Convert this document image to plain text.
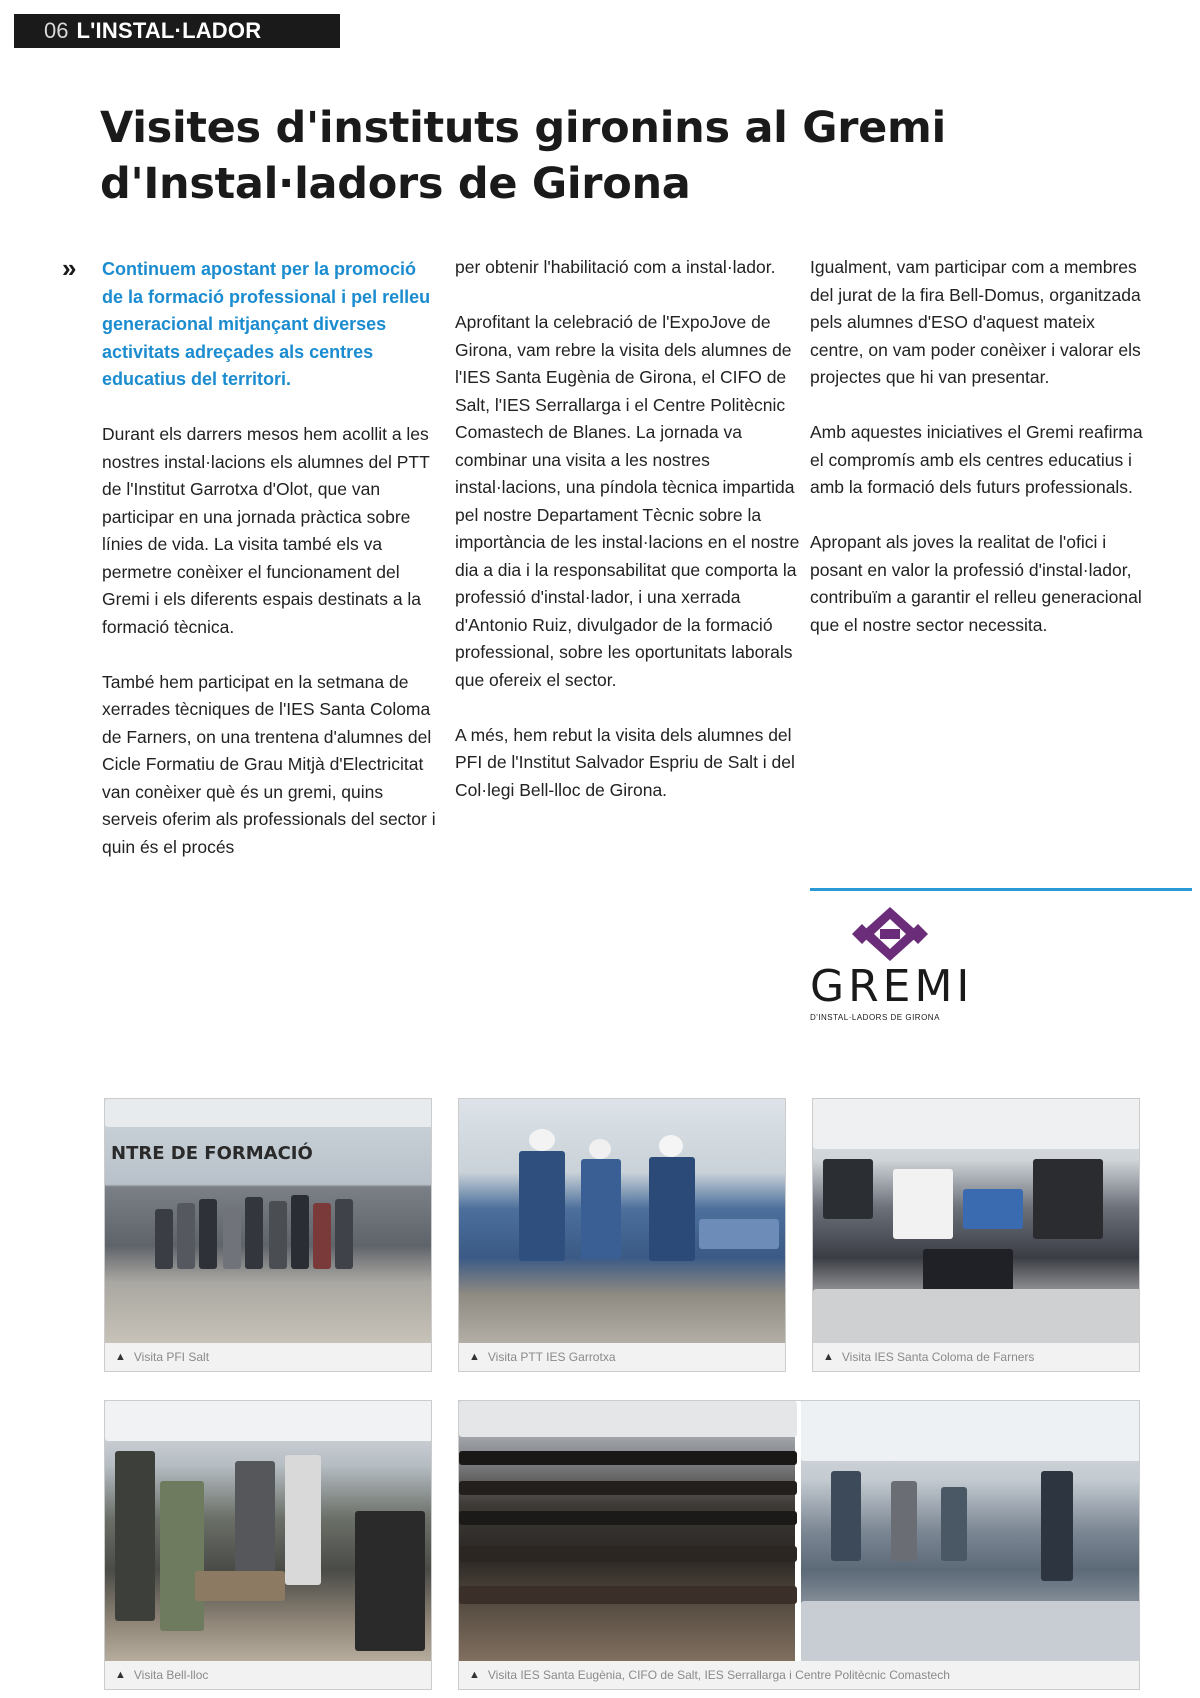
06 L'INSTAL·LADOR
Visites d'instituts gironins al Gremi
d'Instal·ladors de Girona
» Continuem apostant per la promoció de la formació professional i pel relleu generacional mitjançant diverses activitats adreçades als centres educatius del territori.

Durant els darrers mesos hem acollit a les nostres instal·lacions els alumnes del PTT de l'Institut Garrotxa d'Olot, que van participar en una jornada pràctica sobre línies de vida. La visita també els va permetre conèixer el funcionament del Gremi i els diferents espais destinats a la formació tècnica.

També hem participat en la setmana de xerrades tècniques de l'IES Santa Coloma de Farners, on una trentena d'alumnes del Cicle Formatiu de Grau Mitjà d'Electricitat van conèixer què és un gremi, quins serveis oferim als professionals del sector i quin és el procés

per obtenir l'habilitació com a instal·lador.

Aprofitant la celebració de l'ExpoJove de Girona, vam rebre la visita dels alumnes de l'IES Santa Eugènia de Girona, el CIFO de Salt, l'IES Serrallarga i el Centre Politècnic Comastech de Blanes. La jornada va combinar una visita a les nostres instal·lacions, una píndola tècnica impartida pel nostre Departament Tècnic sobre la importància de les instal·lacions en el nostre dia a dia i la responsabilitat que comporta la professió d'instal·lador, i una xerrada d'Antonio Ruiz, divulgador de la formació professional, sobre les oportunitats laborals que ofereix el sector.

A més, hem rebut la visita dels alumnes del PFI de l'Institut Salvador Espriu de Salt i del Col·legi Bell-lloc de Girona.

Igualment, vam participar com a membres del jurat de la fira Bell-Domus, organitzada pels alumnes d'ESO d'aquest mateix centre, on vam poder conèixer i valorar els projectes que hi van presentar.

Amb aquestes iniciatives el Gremi reafirma el compromís amb els centres educatius i amb la formació dels futurs professionals.

Apropant als joves la realitat de l'ofici i posant en valor la professió d'instal·lador, contribuïm a garantir el relleu generacional que el nostre sector necessita.

GREMI
D'INSTAL·LADORS DE GIRONA
NTRE DE FORMACIÓ
▲ Visita PFI Salt	▲ Visita PTT IES Garrotxa	▲ Visita IES Santa Coloma de Farners
▲ Visita Bell-lloc	▲ Visita IES Santa Eugènia, CIFO de Salt, IES Serrallarga i Centre Politècnic Comastech
